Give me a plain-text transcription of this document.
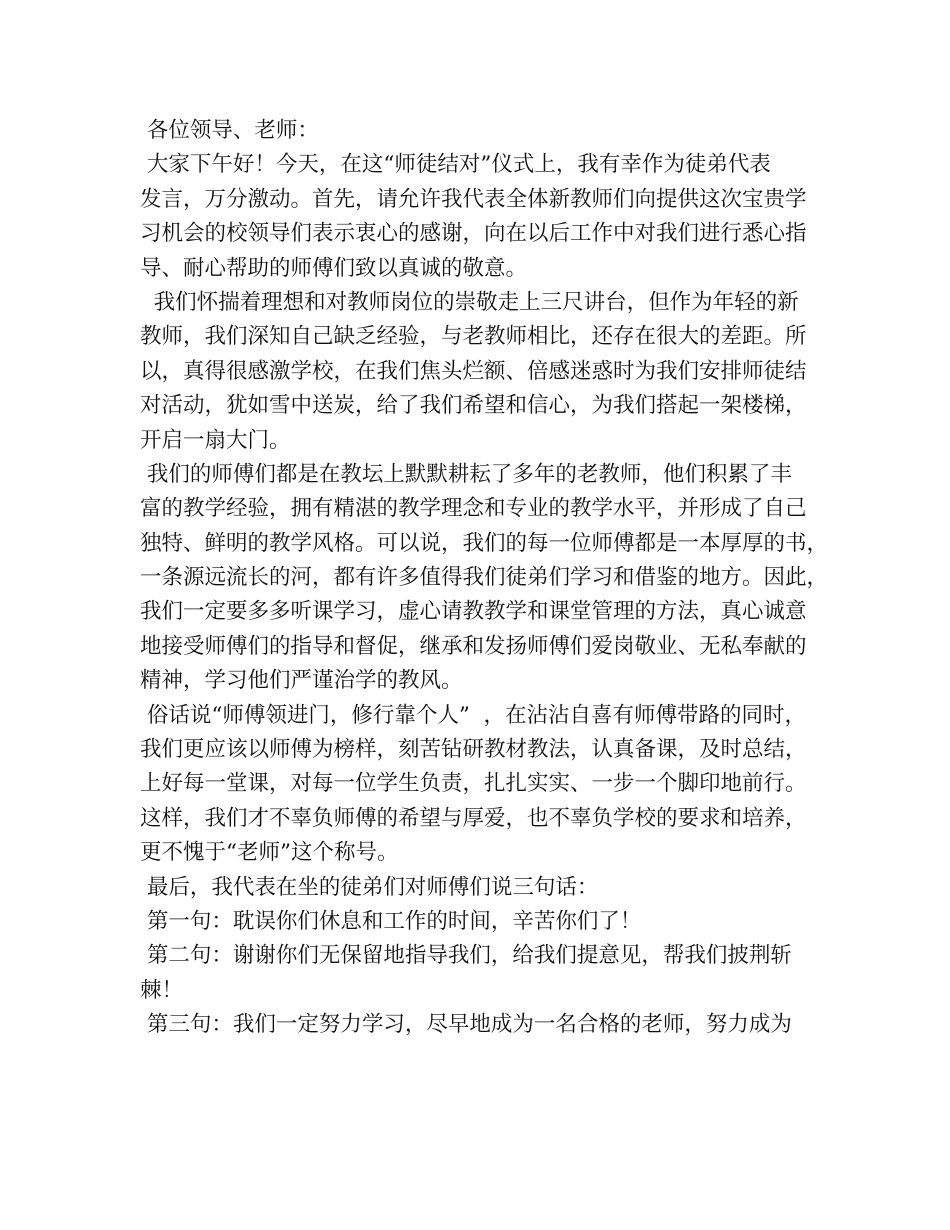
各位领导、老师：
大家下午好！今天，在这“师徒结对”仪式上，我有幸作为徒弟代表
发言，万分激动。首先，请允许我代表全体新教师们向提供这次宝贵学
习机会的校领导们表示衷心的感谢，向在以后工作中对我们进行悉心指
导、耐心帮助的师傅们致以真诚的敬意。
我们怀揣着理想和对教师岗位的崇敬走上三尺讲台，但作为年轻的新
教师，我们深知自己缺乏经验，与老教师相比，还存在很大的差距。所
以，真得很感激学校，在我们焦头烂额、倍感迷惑时为我们安排师徒结
对活动，犹如雪中送炭，给了我们希望和信心，为我们搭起一架楼梯，
开启一扇大门。
我们的师傅们都是在教坛上默默耕耘了多年的老教师，他们积累了丰
富的教学经验，拥有精湛的教学理念和专业的教学水平，并形成了自己
独特、鲜明的教学风格。可以说，我们的每一位师傅都是一本厚厚的书，
一条源远流长的河，都有许多值得我们徒弟们学习和借鉴的地方。因此，
我们一定要多多听课学习，虚心请教教学和课堂管理的方法，真心诚意
地接受师傅们的指导和督促，继承和发扬师傅们爱岗敬业、无私奉献的
精神，学习他们严谨治学的教风。
俗话说“师傅领进门，修行靠个人”  ，在沾沾自喜有师傅带路的同时，
我们更应该以师傅为榜样，刻苦钻研教材教法，认真备课，及时总结，
上好每一堂课，对每一位学生负责，扎扎实实、一步一个脚印地前行。
这样，我们才不辜负师傅的希望与厚爱，也不辜负学校的要求和培养，
更不愧于“老师”这个称号。
最后，我代表在坐的徒弟们对师傅们说三句话：
第一句：耽误你们休息和工作的时间，辛苦你们了！
第二句：谢谢你们无保留地指导我们，给我们提意见，帮我们披荆斩
棘！
第三句：我们一定努力学习，尽早地成为一名合格的老师，努力成为
